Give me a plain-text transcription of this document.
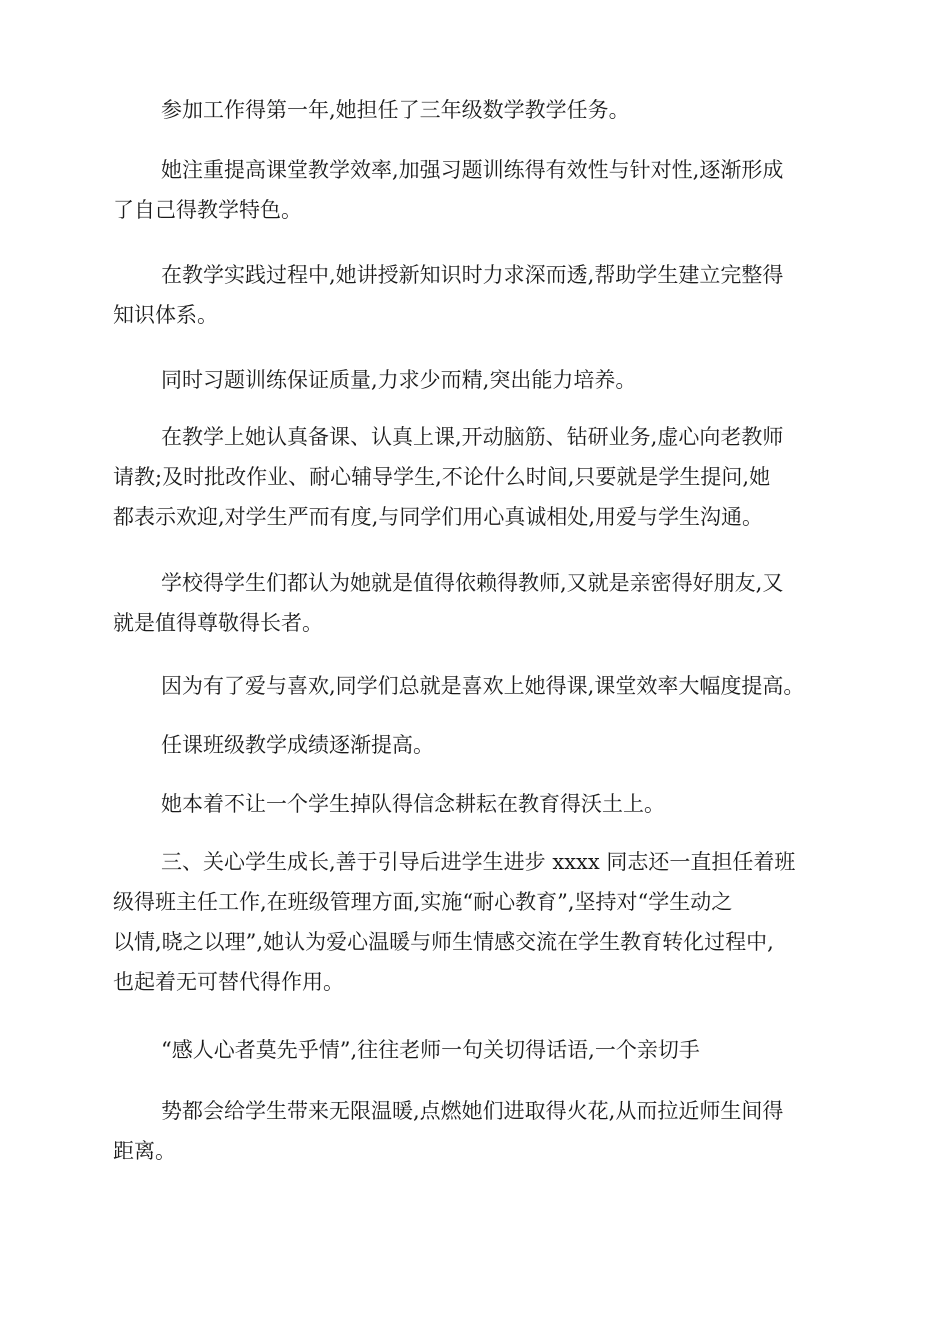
参加工作得第一年,她担任了三年级数学教学任务。

她注重提高课堂教学效率,加强习题训练得有效性与针对性,逐渐形成
了自己得教学特色。

在教学实践过程中,她讲授新知识时力求深而透,帮助学生建立完整得
知识体系。

同时习题训练保证质量,力求少而精,突出能力培养。

在教学上她认真备课、认真上课,开动脑筋、钻研业务,虚心向老教师
请教;及时批改作业、耐心辅导学生,不论什么时间,只要就是学生提问,她
都表示欢迎,对学生严而有度,与同学们用心真诚相处,用爱与学生沟通。

学校得学生们都认为她就是值得依赖得教师,又就是亲密得好朋友,又
就是值得尊敬得长者。

因为有了爱与喜欢,同学们总就是喜欢上她得课,课堂效率大幅度提高。

任课班级教学成绩逐渐提高。

她本着不让一个学生掉队得信念耕耘在教育得沃土上。

三、关心学生成长,善于引导后进学生进步 xxxx 同志还一直担任着班
级得班主任工作,在班级管理方面,实施“耐心教育”,坚持对“学生动之
以情,晓之以理”,她认为爱心温暖与师生情感交流在学生教育转化过程中,
也起着无可替代得作用。

“感人心者莫先乎情”,往往老师一句关切得话语,一个亲切手

势都会给学生带来无限温暖,点燃她们进取得火花,从而拉近师生间得
距离。
